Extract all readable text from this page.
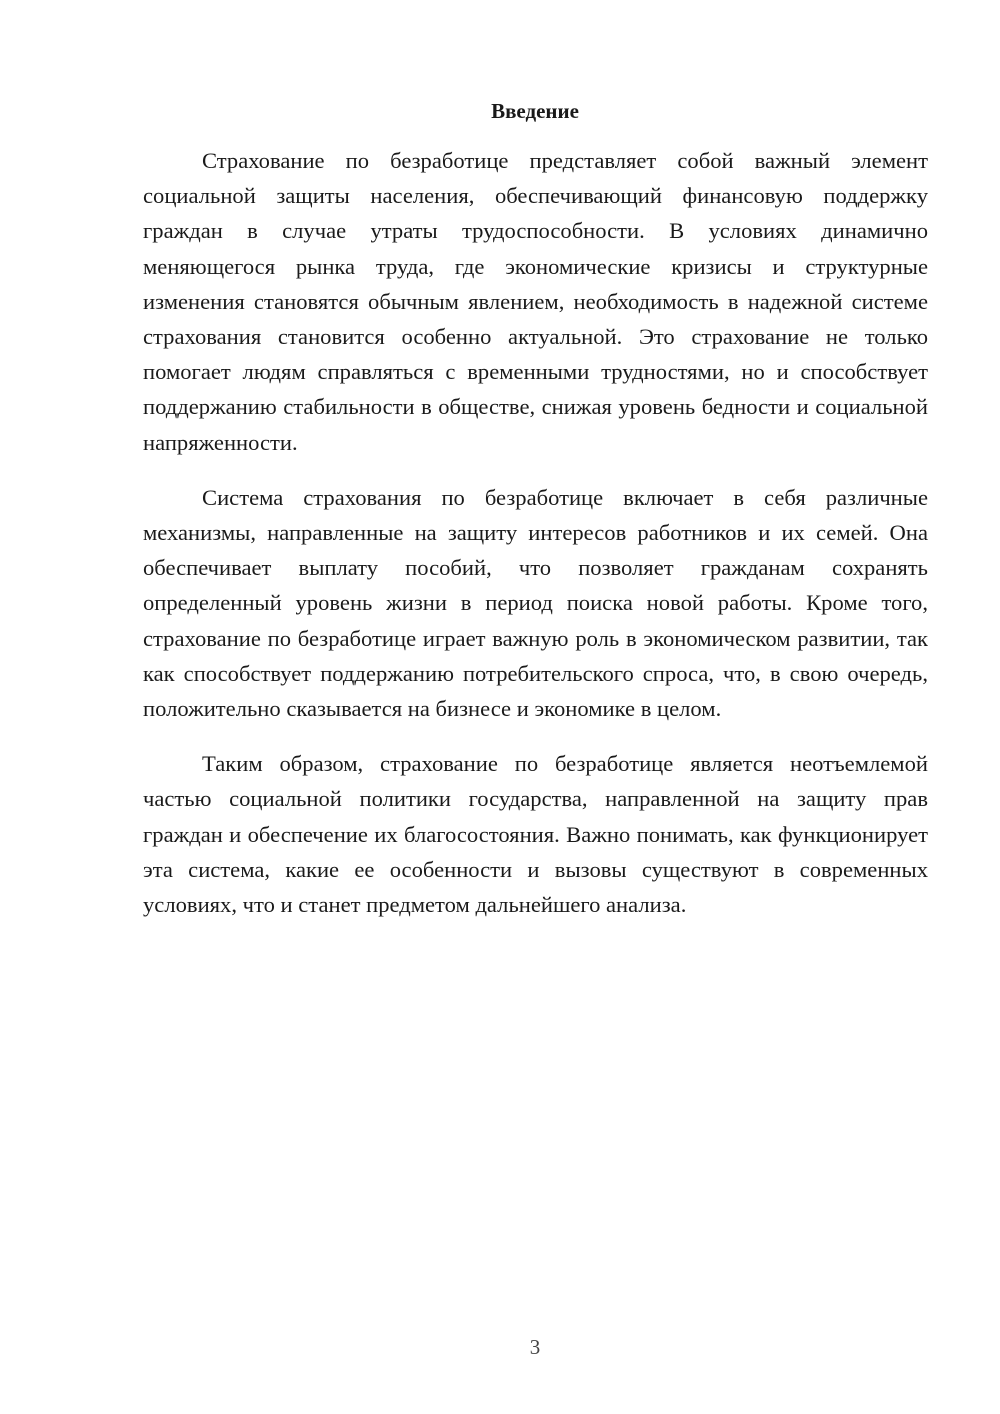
Введение

Страхование по безработице представляет собой важный элемент социальной защиты населения, обеспечивающий финансовую поддержку граждан в случае утраты трудоспособности. В условиях динамично меняющегося рынка труда, где экономические кризисы и структурные изменения становятся обычным явлением, необходимость в надежной системе страхования становится особенно актуальной. Это страхование не только помогает людям справляться с временными трудностями, но и способствует поддержанию стабильности в обществе, снижая уровень бедности и социальной напряженности.

Система страхования по безработице включает в себя различные механизмы, направленные на защиту интересов работников и их семей. Она обеспечивает выплату пособий, что позволяет гражданам сохранять определенный уровень жизни в период поиска новой работы. Кроме того, страхование по безработице играет важную роль в экономическом развитии, так как способствует поддержанию потребительского спроса, что, в свою очередь, положительно сказывается на бизнесе и экономике в целом.

Таким образом, страхование по безработице является неотъемлемой частью социальной политики государства, направленной на защиту прав граждан и обеспечение их благосостояния. Важно понимать, как функционирует эта система, какие ее особенности и вызовы существуют в современных условиях, что и станет предметом дальнейшего анализа.

3
